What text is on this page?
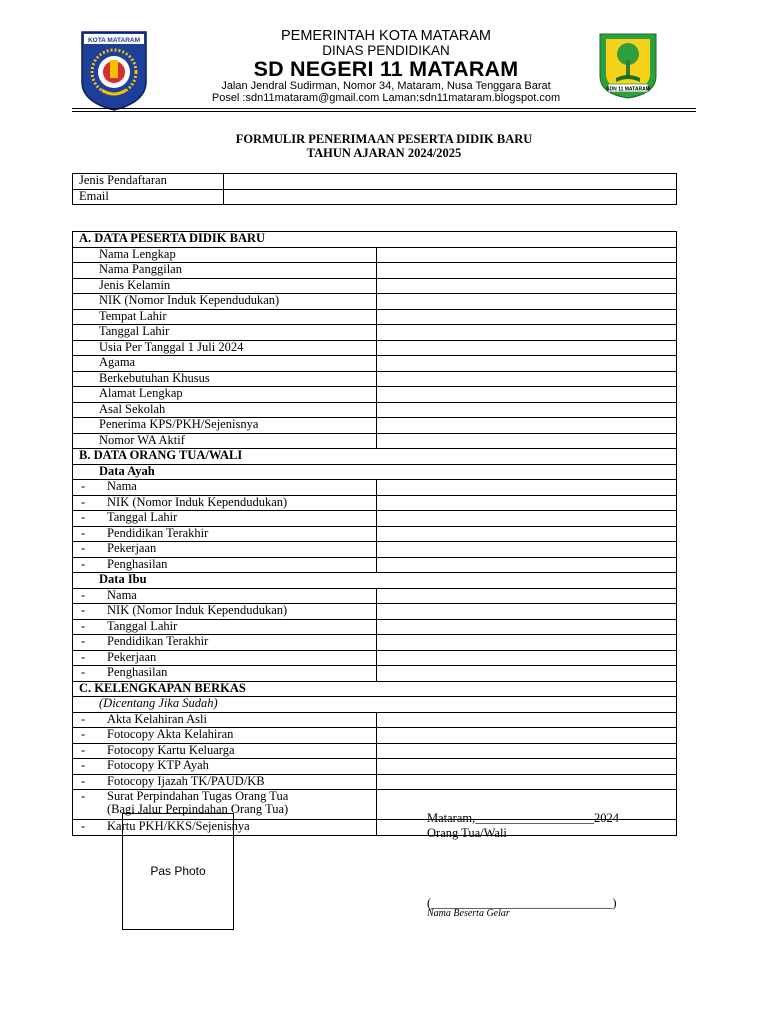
KOTA MATARAM
SDN 11 MATARAM
PEMERINTAH KOTA MATARAM
DINAS PENDIDIKAN
SD NEGERI 11 MATARAM
Jalan Jendral Sudirman, Nomor 34, Mataram, Nusa Tenggara Barat
Posel :sdn11mataram@gmail.com Laman:sdn11mataram.blogspot.com
FORMULIR PENERIMAAN PESERTA DIDIK BARU
TAHUN AJARAN 2024/2025
Jenis Pendaftaran	
Email	
A. DATA PESERTA DIDIK BARU	
Nama Lengkap	
Nama Panggilan	
Jenis Kelamin	
NIK (Nomor Induk Kependudukan)	
Tempat Lahir	
Tanggal Lahir	
Usia Per Tanggal 1 Juli 2024	
Agama	
Berkebutuhan Khusus	
Alamat Lengkap	
Asal Sekolah	
Penerima KPS/PKH/Sejenisnya	
Nomor WA Aktif	
B. DATA ORANG TUA/WALI	
Data Ayah	
- Nama	
- NIK (Nomor Induk Kependudukan)	
- Tanggal Lahir	
- Pendidikan Terakhir	
- Pekerjaan	
- Penghasilan	
Data Ibu	
- Nama	
- NIK (Nomor Induk Kependudukan)	
- Tanggal Lahir	
- Pendidikan Terakhir	
- Pekerjaan	
- Penghasilan	
C. KELENGKAPAN BERKAS	
(Dicentang Jika Sudah)	
- Akta Kelahiran Asli	
- Fotocopy Akta Kelahiran	
- Fotocopy Kartu Keluarga	
- Fotocopy KTP Ayah	
- Fotocopy Ijazah TK/PAUD/KB	

- Surat Perpindahan Tugas Orang Tua
(Bagi Jalur Perpindahan Orang Tua)	

- Kartu PKH/KKS/Sejenisnya	
Pas Photo
Mataram,___________________2024
Orang Tua/Wali
(_____________________________)
Nama Beserta Gelar
